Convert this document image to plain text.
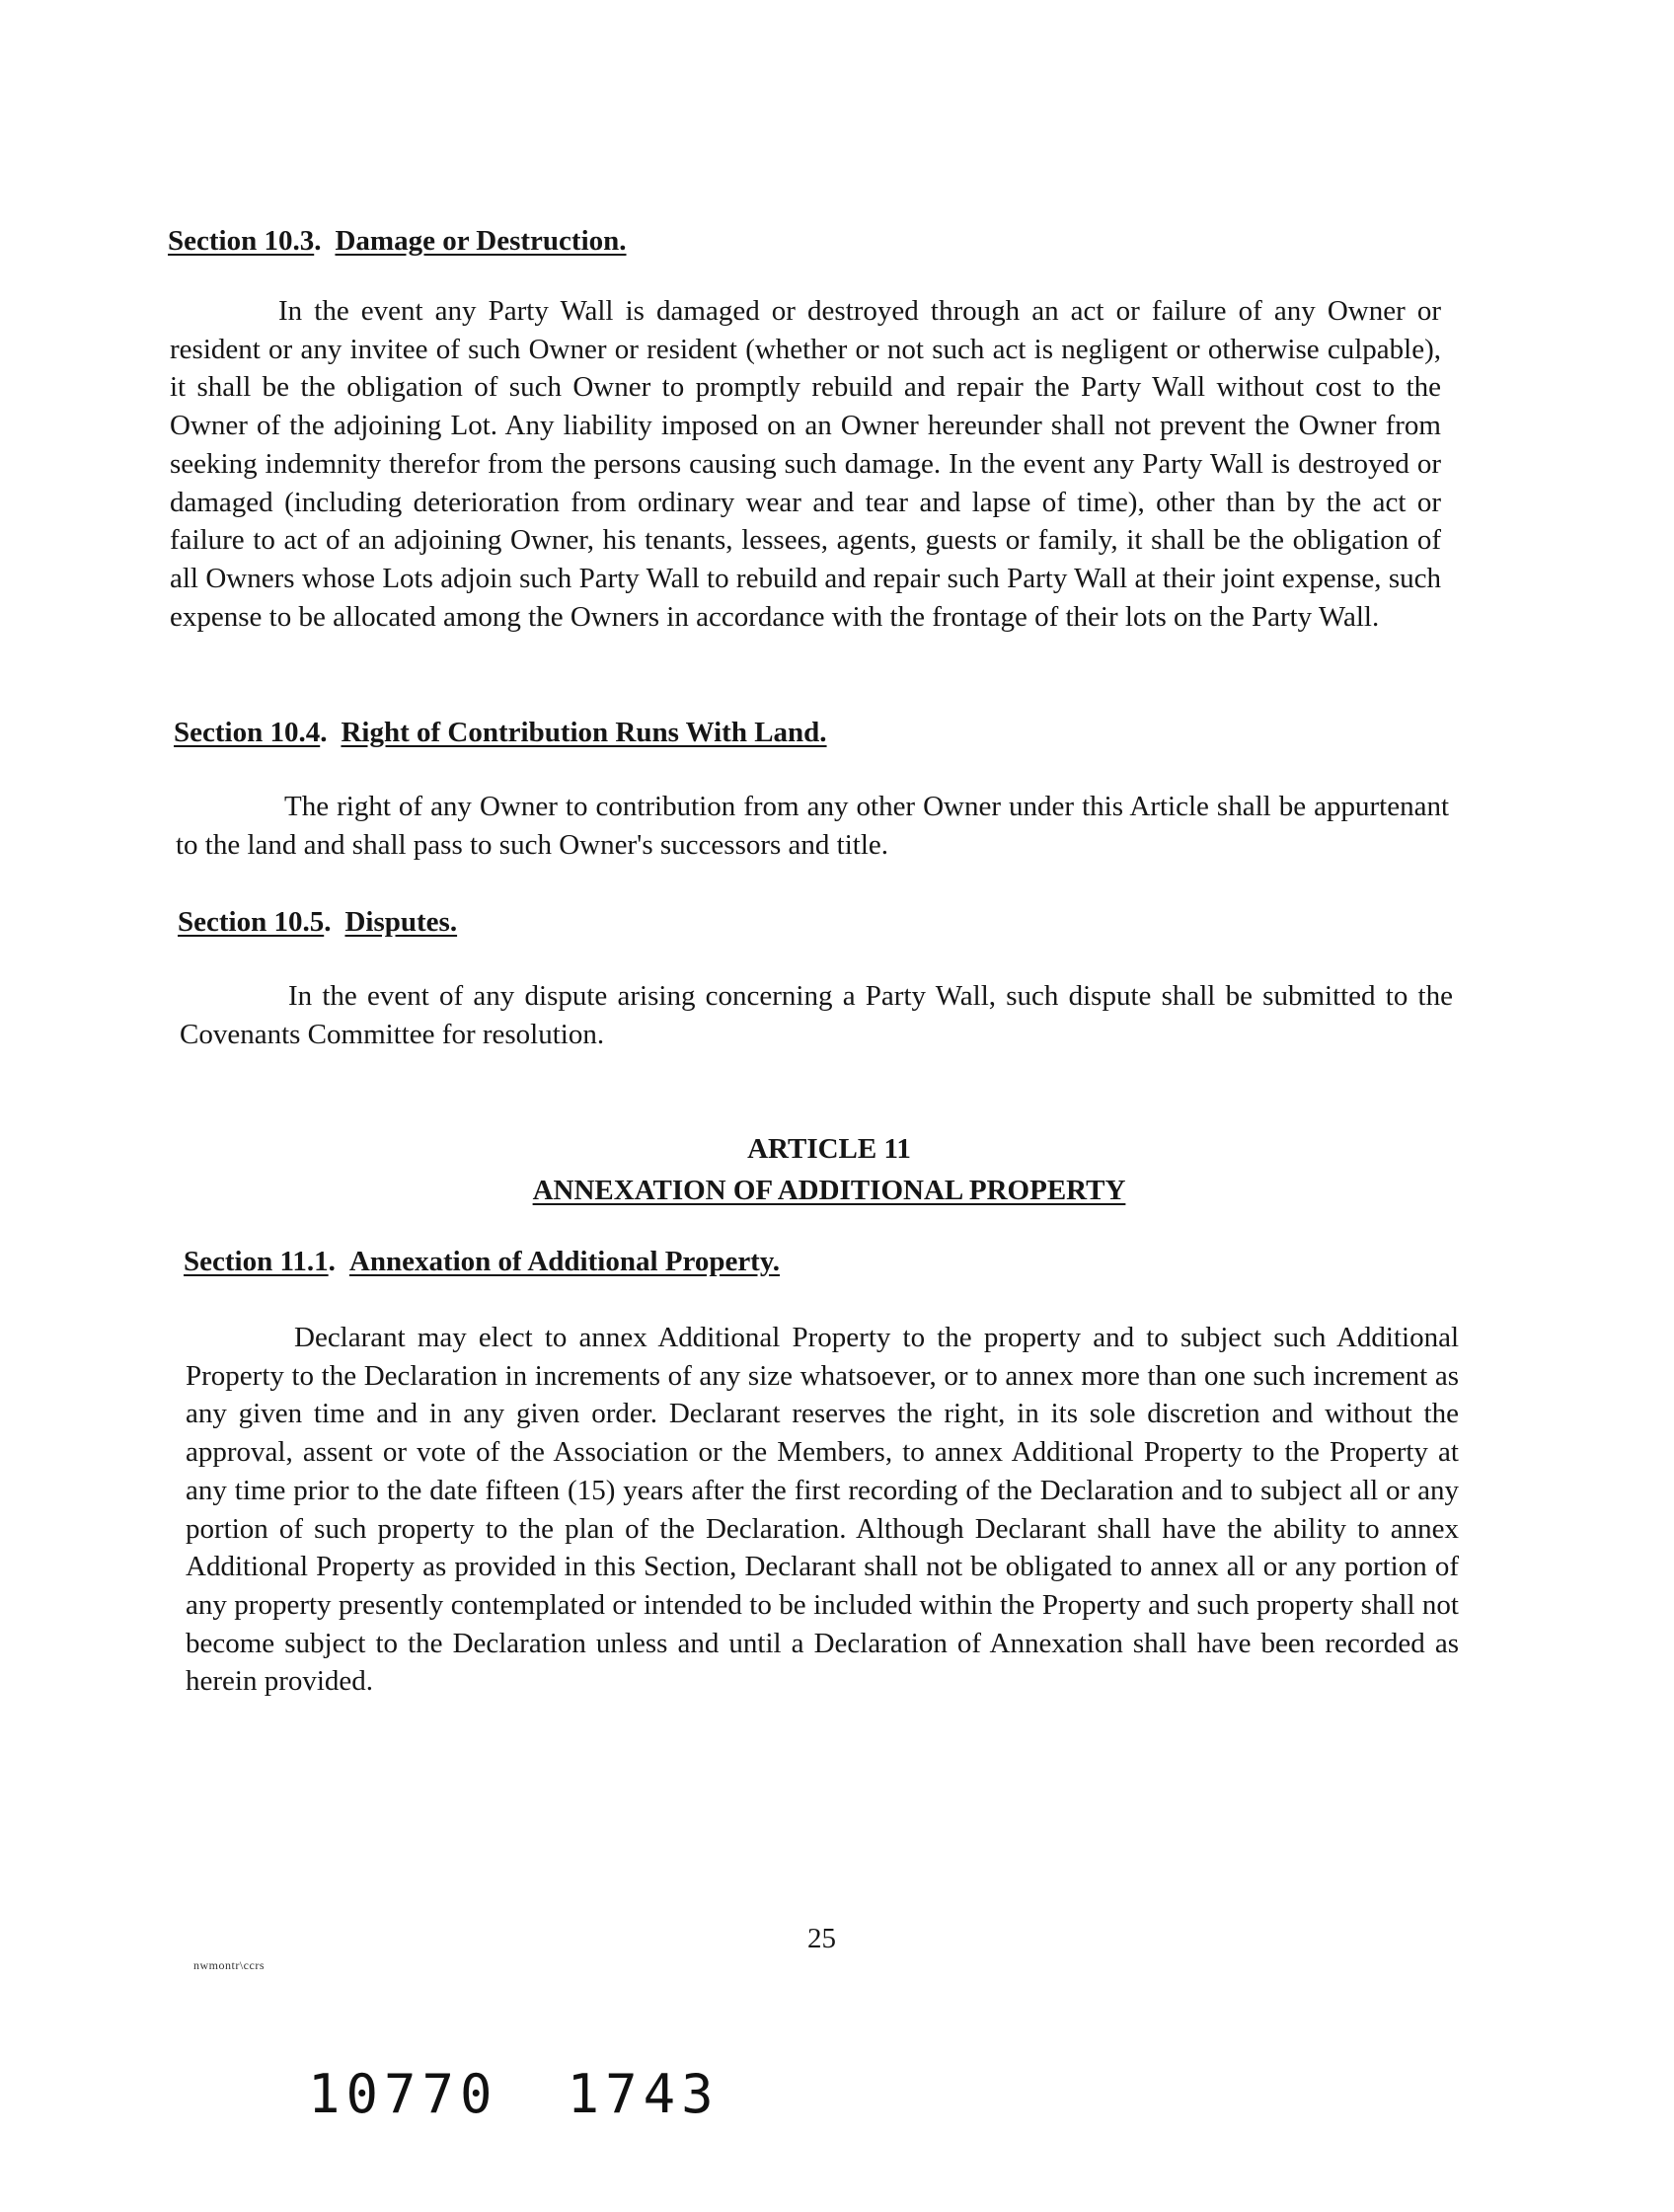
Section 10.3. Damage or Destruction.

In the event any Party Wall is damaged or destroyed through an act or failure of any Owner or resident or any invitee of such Owner or resident (whether or not such act is negligent or otherwise culpable), it shall be the obligation of such Owner to promptly rebuild and repair the Party Wall without cost to the Owner of the adjoining Lot. Any liability imposed on an Owner hereunder shall not prevent the Owner from seeking indemnity therefor from the persons causing such damage. In the event any Party Wall is destroyed or damaged (including deterioration from ordinary wear and tear and lapse of time), other than by the act or failure to act of an adjoining Owner, his tenants, lessees, agents, guests or family, it shall be the obligation of all Owners whose Lots adjoin such Party Wall to rebuild and repair such Party Wall at their joint expense, such expense to be allocated among the Owners in accordance with the frontage of their lots on the Party Wall.

Section 10.4. Right of Contribution Runs With Land.

The right of any Owner to contribution from any other Owner under this Article shall be appurtenant to the land and shall pass to such Owner's successors and title.

Section 10.5. Disputes.

In the event of any dispute arising concerning a Party Wall, such dispute shall be submitted to the Covenants Committee for resolution.

ARTICLE 11
ANNEXATION OF ADDITIONAL PROPERTY
Section 11.1. Annexation of Additional Property.

Declarant may elect to annex Additional Property to the property and to subject such Additional Property to the Declaration in increments of any size whatsoever, or to annex more than one such increment as any given time and in any given order. Declarant reserves the right, in its sole discretion and without the approval, assent or vote of the Association or the Members, to annex Additional Property to the Property at any time prior to the date fifteen (15) years after the first recording of the Declaration and to subject all or any portion of such property to the plan of the Declaration. Although Declarant shall have the ability to annex Additional Property as provided in this Section, Declarant shall not be obligated to annex all or any portion of any property presently contemplated or intended to be included within the Property and such property shall not become subject to the Declaration unless and until a Declaration of Annexation shall have been recorded as herein provided.

25
nwmontr\ccrs
10770 1743
